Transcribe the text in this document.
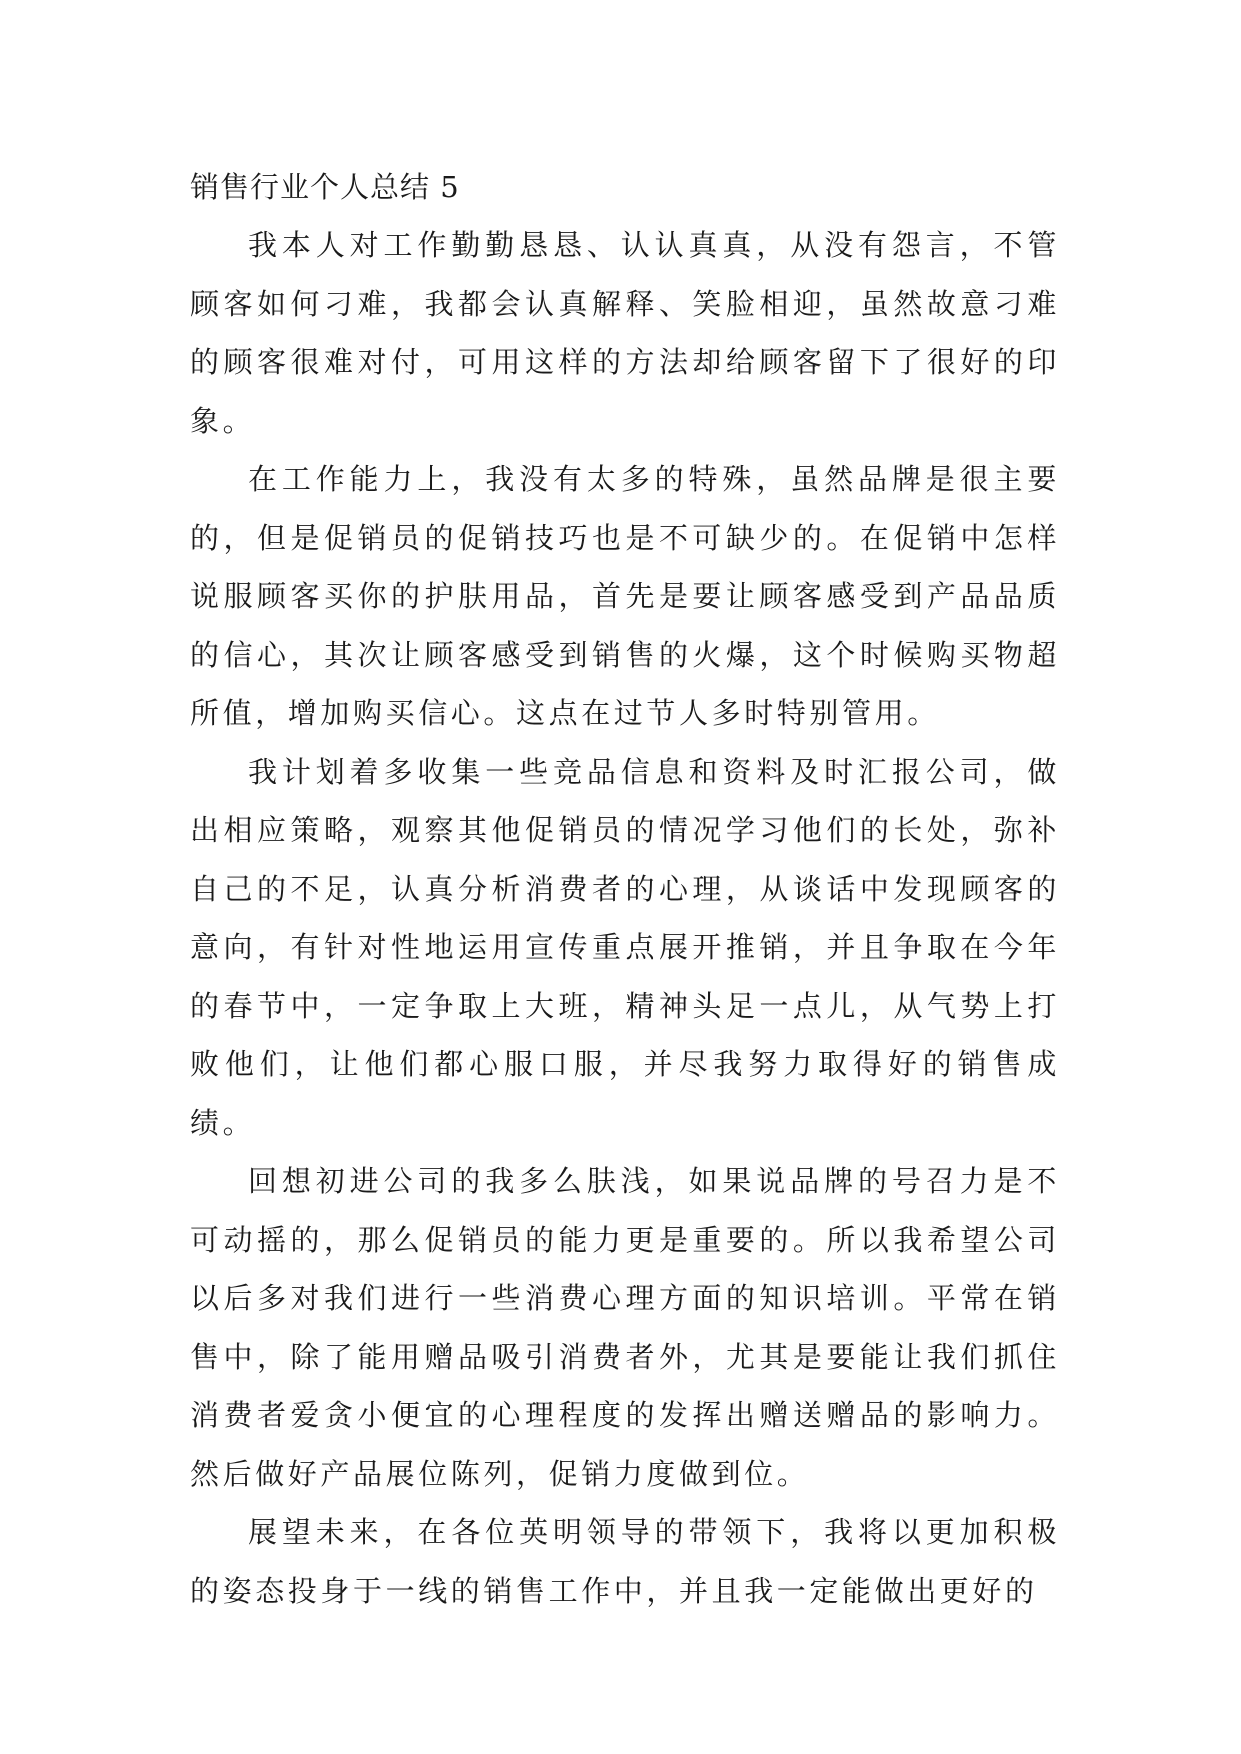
销售行业个人总结 5

我本人对工作勤勤恳恳、认认真真，从没有怨言，不管顾客如何刁难，我都会认真解释、笑脸相迎，虽然故意刁难的顾客很难对付，可用这样的方法却给顾客留下了很好的印象。

在工作能力上，我没有太多的特殊，虽然品牌是很主要的，但是促销员的促销技巧也是不可缺少的。在促销中怎样说服顾客买你的护肤用品，首先是要让顾客感受到产品品质的信心，其次让顾客感受到销售的火爆，这个时候购买物超所值，增加购买信心。这点在过节人多时特别管用。

我计划着多收集一些竞品信息和资料及时汇报公司，做出相应策略，观察其他促销员的情况学习他们的长处，弥补自己的不足，认真分析消费者的心理，从谈话中发现顾客的意向，有针对性地运用宣传重点展开推销，并且争取在今年的春节中，一定争取上大班，精神头足一点儿，从气势上打败他们，让他们都心服口服，并尽我努力取得好的销售成绩。

回想初进公司的我多么肤浅，如果说品牌的号召力是不可动摇的，那么促销员的能力更是重要的。所以我希望公司以后多对我们进行一些消费心理方面的知识培训。平常在销售中，除了能用赠品吸引消费者外，尤其是要能让我们抓住消费者爱贪小便宜的心理程度的发挥出赠送赠品的影响力。然后做好产品展位陈列，促销力度做到位。

展望未来，在各位英明领导的带领下，我将以更加积极的姿态投身于一线的销售工作中，并且我一定能做出更好的
